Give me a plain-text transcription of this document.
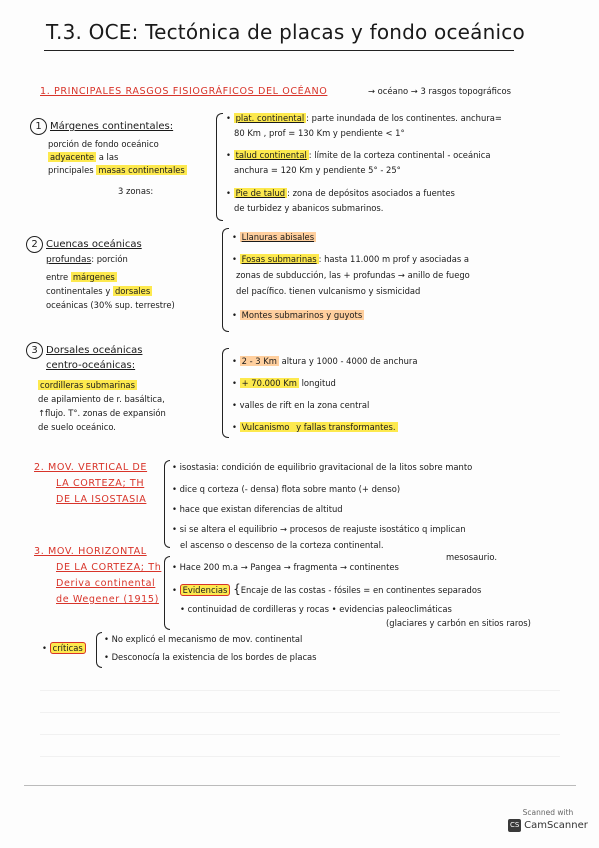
T.3. OCE: Tectónica de placas y fondo oceánico
1. PRINCIPALES RASGOS FISIOGRÁFICOS DEL OCÉANO	→ océano → 3 rasgos topográficos
1 Márgenes continentales:
porción de fondo oceánico
adyacente a las
principales masas continentales
3 zonas:
• plat. continental : parte inundada de los continentes. anchura=
80 Km , prof = 130 Km y pendiente < 1°
• talud continental : límite de la corteza continental - oceánica
anchura = 120 Km y pendiente 5° - 25°
• Pie de talud : zona de depósitos asociados a fuentes
de turbidez y abanicos submarinos.
2 Cuencas oceánicas
profundas: porción
entre márgenes
continentales y dorsales
oceánicas (30% sup. terrestre)
• Llanuras abisales
• Fosas submarinas : hasta 11.000 m prof y asociadas a
zonas de subducción, las + profundas → anillo de fuego
del pacífico. tienen vulcanismo y sismicidad
• Montes submarinos y guyots
3 Dorsales oceánicas
centro-oceánicas:
cordilleras submarinas
de apilamiento de r. basáltica,
↑flujo. T°. zonas de expansión
de suelo oceánico.
• 2 - 3 Km altura y 1000 - 4000 de anchura
• + 70.000 Km longitud
• valles de rift en la zona central
• Vulcanismo y fallas transformantes.
2. MOV. VERTICAL DE
LA CORTEZA; TH
DE LA ISOSTASIA
• isostasia: condición de equilibrio gravitacional de la litos sobre manto
• dice q corteza (- densa) flota sobre manto (+ denso)
• hace que existan diferencias de altitud
• si se altera el equilibrio → procesos de reajuste isostático q implican
el ascenso o descenso de la corteza continental.
3. MOV. HORIZONTAL
DE LA CORTEZA; Th
Deriva continental
de Wegener (1915)
• Hace 200 m.a → Pangea → fragmenta → continentes
mesosaurio.
• Evidencias {Encaje de las costas - fósiles = en continentes separados
• continuidad de cordilleras y rocas • evidencias paleoclimáticas
(glaciares y carbón en sitios raros)
• críticas
• No explicó el mecanismo de mov. continental
• Desconocía la existencia de los bordes de placas
Scanned with
CS CamScanner
